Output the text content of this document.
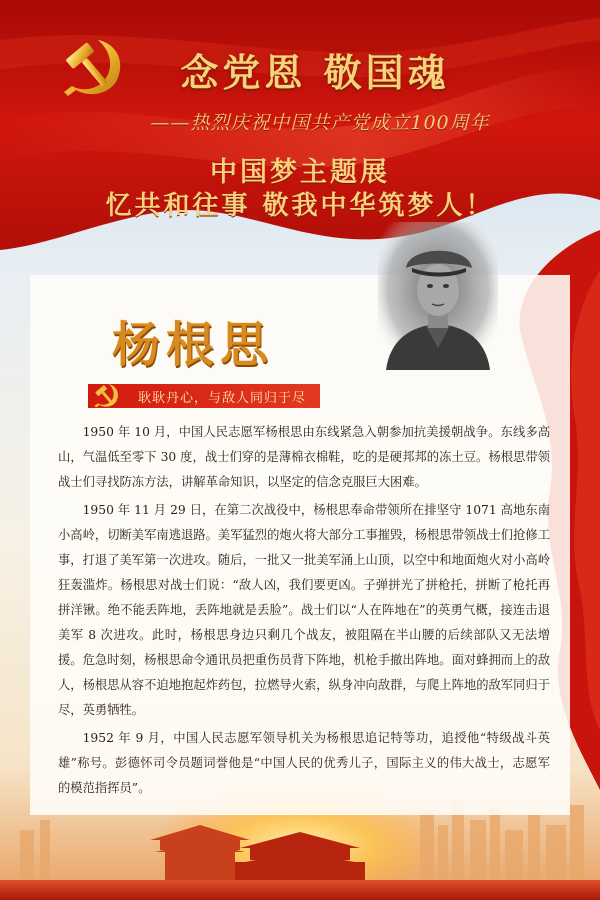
念党恩 敬国魂
——热烈庆祝中国共产党成立100周年
中国梦主题展
忆共和往事 敬我中华筑梦人！
杨根思
耿耿丹心，与敌人同归于尽

1950 年 10 月，中国人民志愿军杨根思由东线紧急入朝参加抗美援朝战争。东线多高山，气温低至零下 30 度，战士们穿的是薄棉衣棉鞋，吃的是硬邦邦的冻土豆。杨根思带领战士们寻找防冻方法，讲解革命知识，以坚定的信念克服巨大困难。

1950 年 11 月 29 日，在第二次战役中，杨根思奉命带领所在排坚守 1071 高地东南小高岭，切断美军南逃退路。美军猛烈的炮火将大部分工事摧毁，杨根思带领战士们抢修工事，打退了美军第一次进攻。随后，一批又一批美军涌上山顶，以空中和地面炮火对小高岭狂轰滥炸。杨根思对战士们说：“敌人凶，我们要更凶。子弹拼光了拼枪托，拼断了枪托再拼洋锹。绝不能丢阵地，丢阵地就是丢脸”。战士们以“人在阵地在”的英勇气概，接连击退美军 8 次进攻。此时，杨根思身边只剩几个战友，被阻隔在半山腰的后续部队又无法增援。危急时刻，杨根思命令通讯员把重伤员背下阵地，机枪手撤出阵地。面对蜂拥而上的敌人，杨根思从容不迫地抱起炸药包，拉燃导火索，纵身冲向敌群，与爬上阵地的敌军同归于尽，英勇牺牲。

1952 年 9 月，中国人民志愿军领导机关为杨根思追记特等功，追授他“特级战斗英雄”称号。彭德怀司令员题词誉他是“中国人民的优秀儿子，国际主义的伟大战士，志愿军的模范指挥员”。
